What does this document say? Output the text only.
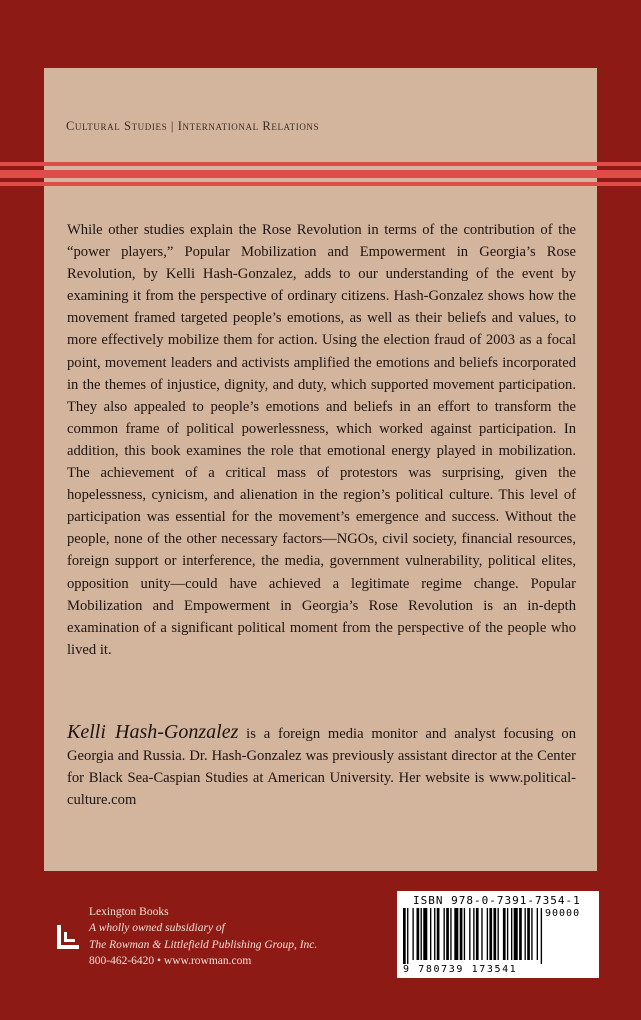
Cultural Studies | International Relations

While other studies explain the Rose Revolution in terms of the contribution of the “power players,” Popular Mobilization and Empowerment in Georgia’s Rose Revolution, by Kelli Hash-Gonzalez, adds to our understanding of the event by examining it from the perspective of ordinary citizens. Hash-Gonzalez shows how the movement framed targeted people’s emotions, as well as their beliefs and values, to more effectively mobilize them for action. Using the election fraud of 2003 as a focal point, movement leaders and activists amplified the emotions and beliefs incorporated in the themes of injustice, dignity, and duty, which supported movement participation. They also appealed to people’s emotions and beliefs in an effort to transform the common frame of political powerlessness, which worked against participation. In addition, this book examines the role that emotional energy played in mobilization. The achievement of a critical mass of protestors was surprising, given the hopelessness, cynicism, and alienation in the region’s political culture. This level of participation was essential for the movement’s emergence and success. Without the people, none of the other necessary factors—NGOs, civil society, financial resources, foreign support or interference, the media, government vulnerability, political elites, opposition unity—could have achieved a legitimate regime change. Popular Mobilization and Empowerment in Georgia’s Rose Revolution is an in-depth examination of a significant political moment from the perspective of the people who lived it.

Kelli Hash-Gonzalez is a foreign media monitor and analyst focusing on Georgia and Russia. Dr. Hash-Gonzalez was previously assistant director at the Center for Black Sea-Caspian Studies at American University. Her website is www.political-culture.com

Lexington Books
A wholly owned subsidiary of
The Rowman & Littlefield Publishing Group, Inc.
800-462-6420 • www.rowman.com
ISBN 978-0-7391-7354-1
90000
9 780739 173541
